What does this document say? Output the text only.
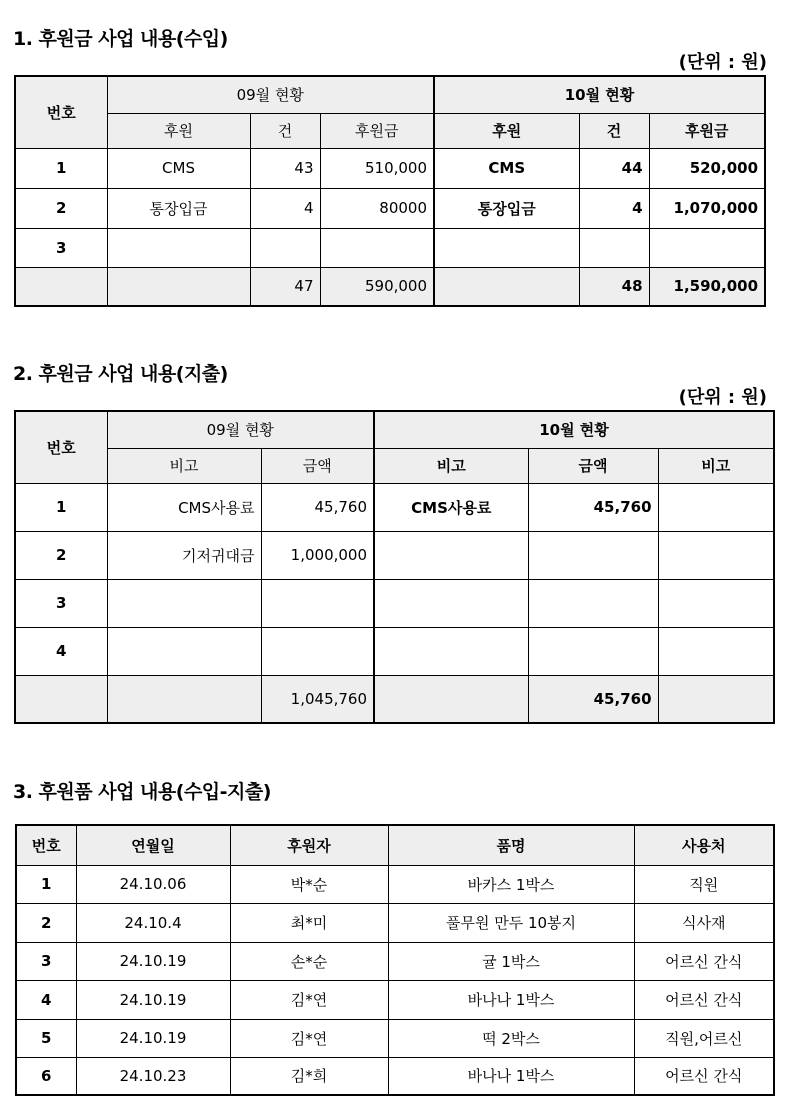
1. 후원금 사업 내용(수입)
(단위 : 원)
번호	09월 현황			10월 현황		
	후원	건	후원금	후원	건	후원금
1	CMS	43	510,000	CMS	44	520,000
2	통장입금	4	80000	통장입금	4	1,070,000
3						
		47	590,000		48	1,590,000
2. 후원금 사업 내용(지출)
(단위 : 원)
번호	09월 현황		10월 현황		
	비고	금액	비고	금액	비고
1	CMS사용료	45,760	CMS사용료	45,760	
2	기저귀대금	1,000,000			
3					
4					
		1,045,760		45,760	
3. 후원품 사업 내용(수입-지출)
번호	연월일	후원자	품명	사용처
1	24.10.06	박*순	바카스 1박스	직원
2	24.10.4	최*미	풀무원 만두 10봉지	식사재
3	24.10.19	손*순	귤 1박스	어르신 간식
4	24.10.19	김*연	바나나 1박스	어르신 간식
5	24.10.19	김*연	떡 2박스	직원,어르신
6	24.10.23	김*희	바나나 1박스	어르신 간식
